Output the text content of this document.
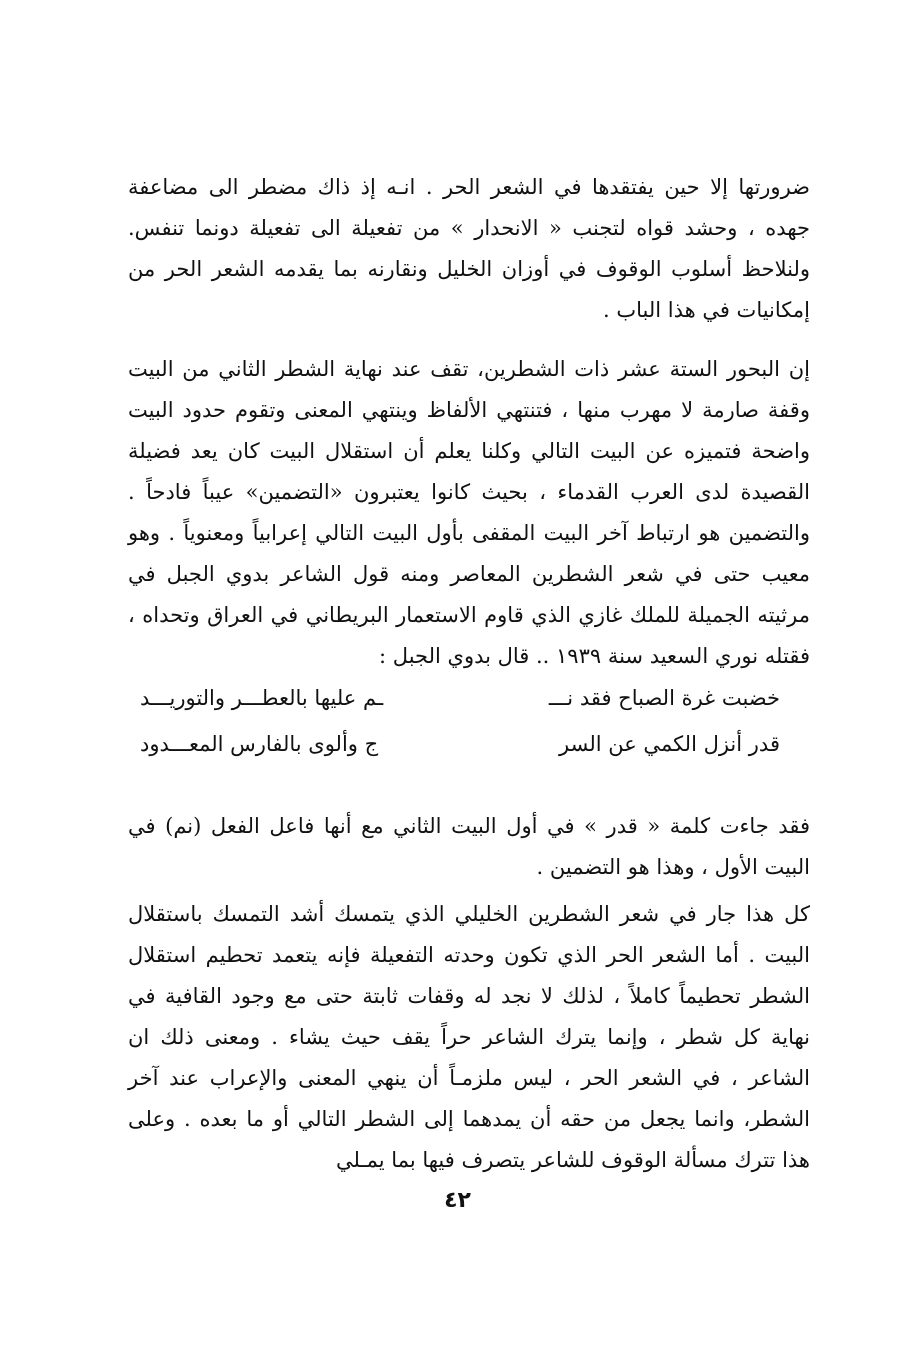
ضرورتها إلا حين يفتقدها في الشعر الحر . انـه إذ ذاك مضطر الى مضاعفة جهده ، وحشد قواه لتجنب « الانحدار » من تفعيلة الى تفعيلة دونما تنفس. ولنلاحظ أسلوب الوقوف في أوزان الخليل ونقارنه بما يقدمه الشعر الحر من إمكانيات في هذا الباب .

إن البحور الستة عشر ذات الشطرين، تقف عند نهاية الشطر الثاني من البيت وقفة صارمة لا مهرب منها ، فتنتهي الألفاظ وينتهي المعنى وتقوم حدود البيت واضحة فتميزه عن البيت التالي وكلنا يعلم أن استقلال البيت كان يعد فضيلة القصيدة لدى العرب القدماء ، بحيث كانوا يعتبرون «التضمين» عيباً فادحاً . والتضمين هو ارتباط آخر البيت المقفى بأول البيت التالي إعرابياً ومعنوياً . وهو معيب حتى في شعر الشطرين المعاصر ومنه قول الشاعر بدوي الجبل في مرثيته الجميلة للملك غازي الذي قاوم الاستعمار البريطاني في العراق وتحداه ، فقتله نوري السعيد سنة ١٩٣٩ .. قال بدوي الجبل :

خضبت غرة الصباح فقد نـــ
ـم عليها بالعطـــر والتوريـــد
قدر أنزل الكمي عن السر
ج وألوى بالفارس المعـــدود

فقد جاءت كلمة « قدر » في أول البيت الثاني مع أنها فاعل الفعل (نم) في البيت الأول ، وهذا هو التضمين .

كل هذا جار في شعر الشطرين الخليلي الذي يتمسك أشد التمسك باستقلال البيت . أما الشعر الحر الذي تكون وحدته التفعيلة فإنه يتعمد تحطيم استقلال الشطر تحطيماً كاملاً ، لذلك لا نجد له وقفات ثابتة حتى مع وجود القافية في نهاية كل شطر ، وإنما يترك الشاعر حراً يقف حيث يشاء . ومعنى ذلك ان الشاعر ، في الشعر الحر ، ليس ملزمـاً أن ينهي المعنى والإعراب عند آخر الشطر، وانما يجعل من حقه أن يمدهما إلى الشطر التالي أو ما بعده . وعلى هذا تترك مسألة الوقوف للشاعر يتصرف فيها بما يمـلي

٤٢
